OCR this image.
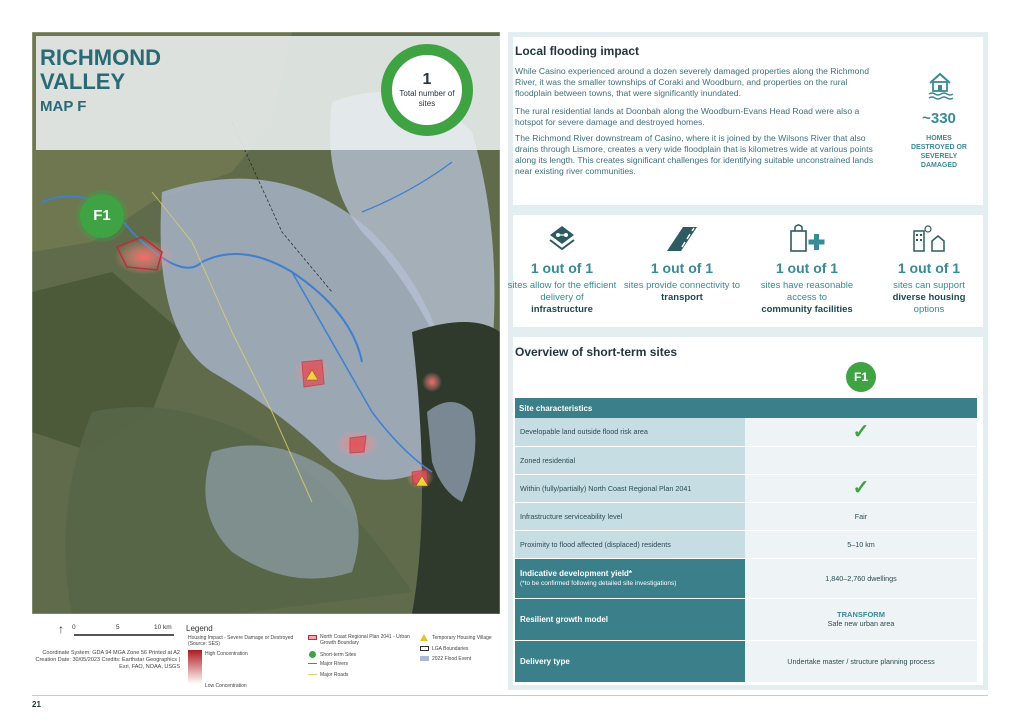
RICHMOND VALLEY
MAP F
1
Total number of sites
F1
↑ 0	5	10 km
Coordinate System: GDA 94 MGA Zone 56 Printed at A2 Creation Date: 30/05/2023 Credits: Earthstar Geographics | Esri, FAO, NOAA, USGS
Legend
Housing Impact - Severe Damage or Destroyed (Source: SES)
High Concentration
Low Concentration
North Coast Regional Plan 2041 - Urban Growth Boundary
Short-term Sites
Major Rivers
Major Roads
Temporary Housing Village
LGA Boundaries
2022 Flood Event
Local flooding impact
While Casino experienced around a dozen severely damaged properties along the Richmond River, it was the smaller townships of Coraki and Woodburn, and properties on the rural floodplain between towns, that were significantly inundated.
The rural residential lands at Doonbah along the Woodburn-Evans Head Road were also a hotspot for severe damage and destroyed homes.
The Richmond River downstream of Casino, where it is joined by the Wilsons River that also drains through Lismore, creates a very wide floodplain that is kilometres wide at various points along its length. This creates significant challenges for identifying suitable unconstrained lands near existing river communities.
~330
HOMES DESTROYED OR SEVERELY DAMAGED
1 out of 1
sites allow for the efficient delivery of
infrastructure
1 out of 1
sites provide connectivity to
transport
1 out of 1
sites have reasonable access to
community facilities
1 out of 1
sites can support
diverse housing
options
Overview of short-term sites
F1
Site characteristics	
Developable land outside flood risk area	✓
Zoned residential	
Within (fully/partially) North Coast Regional Plan 2041	✓
Infrastructure serviceability level	Fair
Proximity to flood affected (displaced) residents	5–10 km
Indicative development yield*
(*to be confirmed following detailed site investigations)	1,840–2,760 dwellings
Resilient growth model	TRANSFORM
Safe new urban area
Delivery type	Undertake master / structure planning process
21
